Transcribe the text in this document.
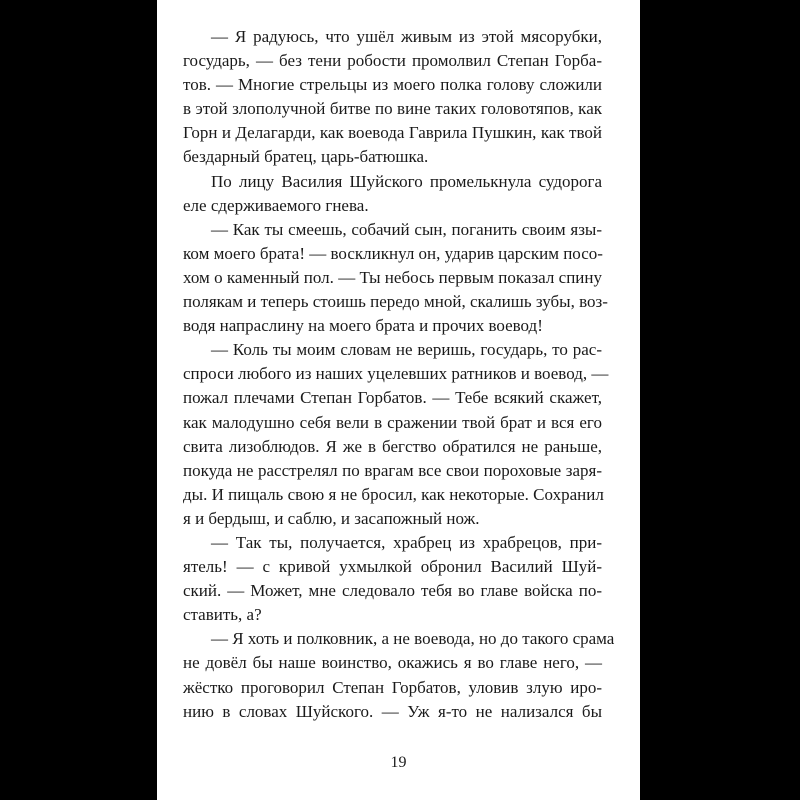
— Я радуюсь, что ушёл живым из этой мясорубки,
государь, — без тени робости промолвил Степан Горба-
тов. — Многие стрельцы из моего полка голову сложили
в этой злополучной битве по вине таких головотяпов, как
Горн и Делагарди, как воевода Гаврила Пушкин, как твой
бездарный братец, царь-батюшка.
По лицу Василия Шуйского промелькнула судорога
еле сдерживаемого гнева.
— Как ты смеешь, собачий сын, поганить своим язы-
ком моего брата! — воскликнул он, ударив царским посо-
хом о каменный пол. — Ты небось первым показал спину
полякам и теперь стоишь передо мной, скалишь зубы, воз-
водя напраслину на моего брата и прочих воевод!
— Коль ты моим словам не веришь, государь, то рас-
спроси любого из наших уцелевших ратников и воевод, —
пожал плечами Степан Горбатов. — Тебе всякий скажет,
как малодушно себя вели в сражении твой брат и вся его
свита лизоблюдов. Я же в бегство обратился не раньше,
покуда не расстрелял по врагам все свои пороховые заря-
ды. И пищаль свою я не бросил, как некоторые. Сохранил
я и бердыш, и саблю, и засапожный нож.
— Так ты, получается, храбрец из храбрецов, при-
ятель! — с кривой ухмылкой обронил Василий Шуй-
ский. — Может, мне следовало тебя во главе войска по-
ставить, а?
— Я хоть и полковник, а не воевода, но до такого срама
не довёл бы наше воинство, окажись я во главе него, —
жёстко проговорил Степан Горбатов, уловив злую иро-
нию в словах Шуйского. — Уж я-то не нализался бы
19
